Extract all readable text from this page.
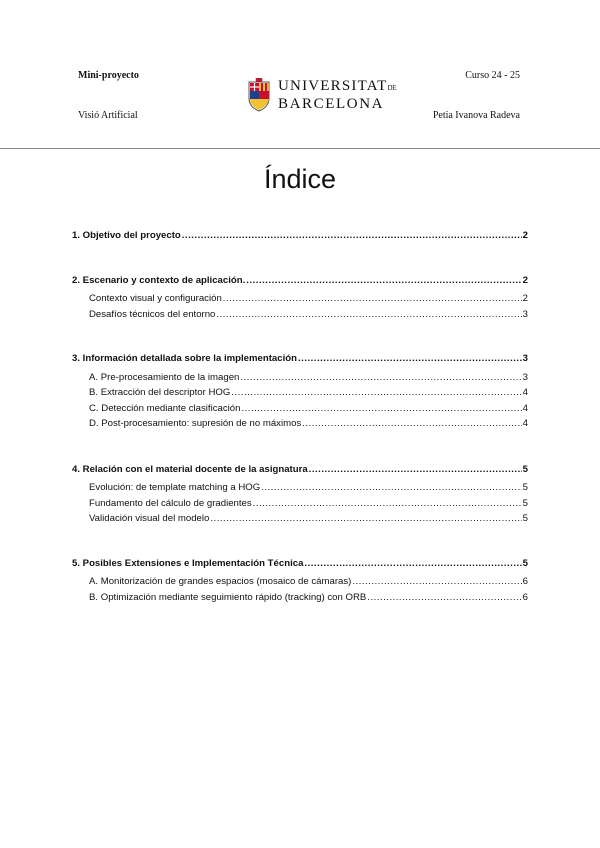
Mini-proyecto
Visió Artificial
Curso 24 - 25
Petia Ivanova Radeva
UNIVERSITATDE
BARCELONA
Índice
1. Objetivo del proyecto .....	2
2. Escenario y contexto de aplicación. .....	2
Contexto visual y configuración .....	2
Desafíos técnicos del entorno .....	3
3. Información detallada sobre la implementación .....	3
A. Pre-procesamiento de la imagen .....	3
B. Extracción del descriptor HOG .....	4
C. Detección mediante clasificación .....	4
D. Post-procesamiento: supresión de no máximos .....	4
4. Relación con el material docente de la asignatura .....	5
Evolución: de template matching a HOG .....	5
Fundamento del cálculo de gradientes .....	5
Validación visual del modelo .....	5
5. Posibles Extensiones e Implementación Técnica .....	5
A. Monitorización de grandes espacios (mosaico de cámaras) .....	6
B. Optimización mediante seguimiento rápido (tracking) con ORB .....	6
